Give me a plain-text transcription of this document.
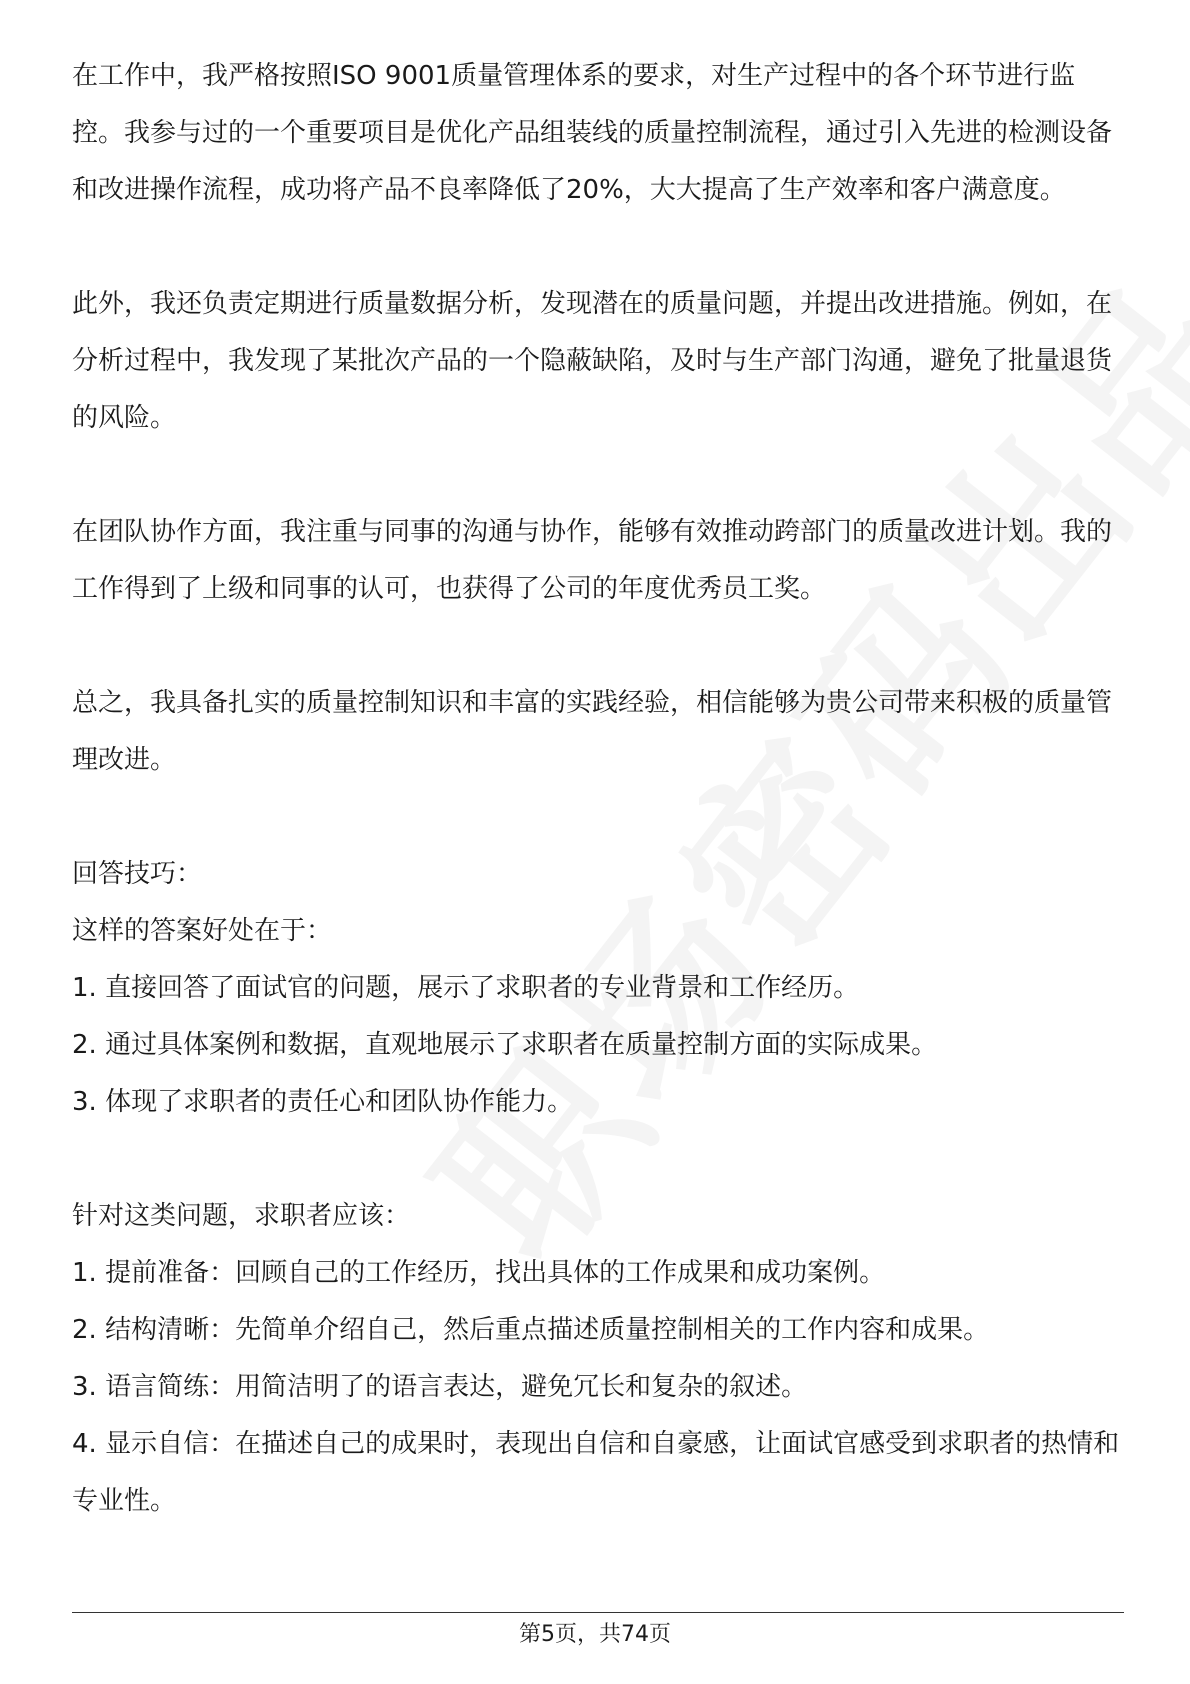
在工作中，我严格按照ISO 9001质量管理体系的要求，对生产过程中的各个环节进行监控。我参与过的一个重要项目是优化产品组装线的质量控制流程，通过引入先进的检测设备和改进操作流程，成功将产品不良率降低了20%，大大提高了生产效率和客户满意度。

此外，我还负责定期进行质量数据分析，发现潜在的质量问题，并提出改进措施。例如，在分析过程中，我发现了某批次产品的一个隐蔽缺陷，及时与生产部门沟通，避免了批量退货的风险。

在团队协作方面，我注重与同事的沟通与协作，能够有效推动跨部门的质量改进计划。我的工作得到了上级和同事的认可，也获得了公司的年度优秀员工奖。

总之，我具备扎实的质量控制知识和丰富的实践经验，相信能够为贵公司带来积极的质量管理改进。

回答技巧：

这样的答案好处在于：

1. 直接回答了面试官的问题，展示了求职者的专业背景和工作经历。

2. 通过具体案例和数据，直观地展示了求职者在质量控制方面的实际成果。

3. 体现了求职者的责任心和团队协作能力。

针对这类问题，求职者应该：

1. 提前准备：回顾自己的工作经历，找出具体的工作成果和成功案例。

2. 结构清晰：先简单介绍自己，然后重点描述质量控制相关的工作内容和成果。

3. 语言简练：用简洁明了的语言表达，避免冗长和复杂的叙述。

4. 显示自信：在描述自己的成果时，表现出自信和自豪感，让面试官感受到求职者的热情和专业性。

第5页，共74页
